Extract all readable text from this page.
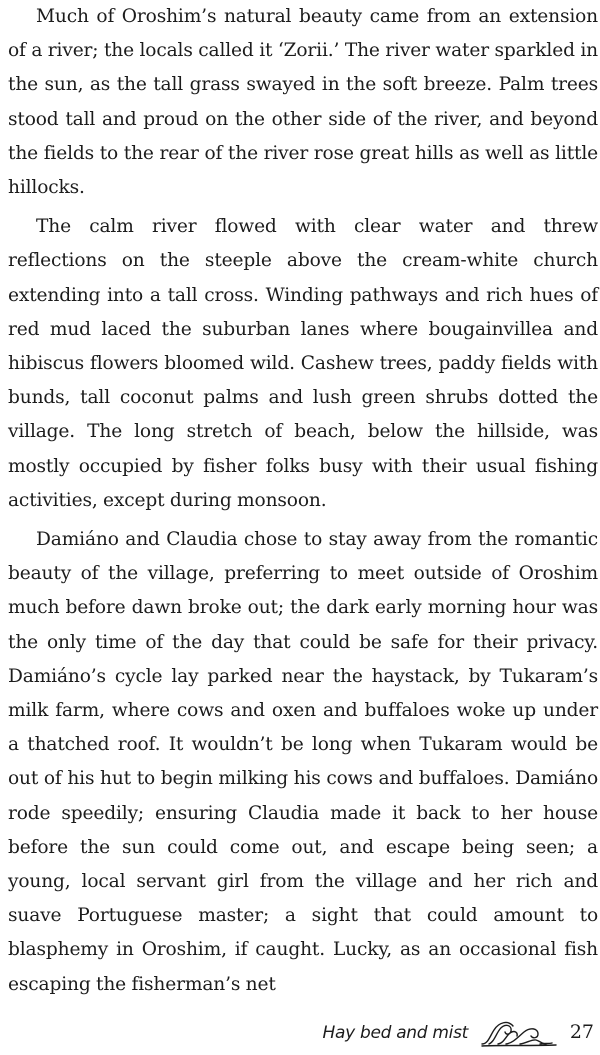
Much of Oroshim’s natural beauty came from an extension of a river; the locals called it ‘Zorii.’ The river water sparkled in the sun, as the tall grass swayed in the soft breeze. Palm trees stood tall and proud on the other side of the river, and beyond the fields to the rear of the river rose great hills as well as little hillocks.

The calm river flowed with clear water and threw reflections on the steeple above the cream-white church extending into a tall cross. Winding pathways and rich hues of red mud laced the suburban lanes where bougainvillea and hibiscus flowers bloomed wild. Cashew trees, paddy fields with bunds, tall coconut palms and lush green shrubs dotted the village. The long stretch of beach, below the hillside, was mostly occupied by fisher folks busy with their usual fishing activities, except during monsoon.

Damiáno and Claudia chose to stay away from the romantic beauty of the village, preferring to meet outside of Oroshim much before dawn broke out; the dark early morning hour was the only time of the day that could be safe for their privacy. Damiáno’s cycle lay parked near the haystack, by Tukaram’s milk farm, where cows and oxen and buffaloes woke up under a thatched roof. It wouldn’t be long when Tukaram would be out of his hut to begin milking his cows and buffaloes. Damiáno rode speedily; ensuring Claudia made it back to her house before the sun could come out, and escape being seen; a young, local servant girl from the village and her rich and suave Portuguese master; a sight that could amount to blasphemy in Oroshim, if caught. Lucky, as an occasional fish escaping the fisherman’s net

Hay bed and mist	27
